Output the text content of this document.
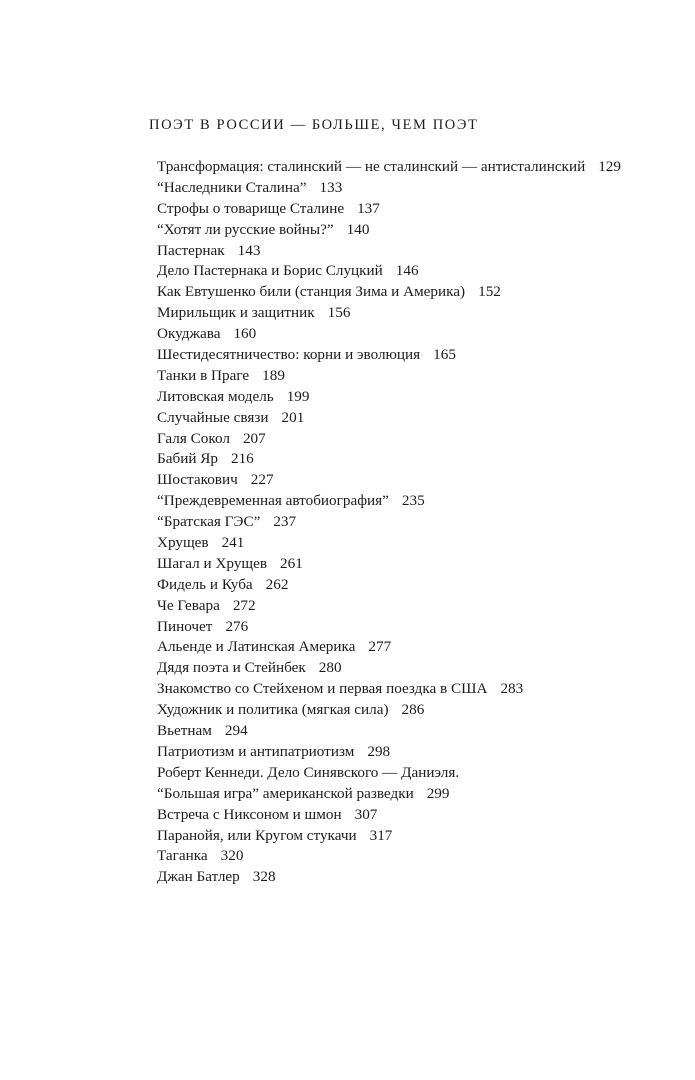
ПОЭТ В РОССИИ — БОЛЬШЕ, ЧЕМ ПОЭТ
Трансформация: сталинский — не сталинский — антисталинский 129
“Наследники Сталина” 133
Строфы о товарище Сталине 137
“Хотят ли русские войны?” 140
Пастернак 143
Дело Пастернака и Борис Слуцкий 146
Как Евтушенко били (станция Зима и Америка) 152
Мирильщик и защитник 156
Окуджава 160
Шестидесятничество: корни и эволюция 165
Танки в Праге 189
Литовская модель 199
Случайные связи 201
Галя Сокол 207
Бабий Яр 216
Шостакович 227
“Преждевременная автобиография” 235
“Братская ГЭС” 237
Хрущев 241
Шагал и Хрущев 261
Фидель и Куба 262
Че Гевара 272
Пиночет 276
Альенде и Латинская Америка 277
Дядя поэта и Стейнбек 280
Знакомство со Стейхеном и первая поездка в США 283
Художник и политика (мягкая сила) 286
Вьетнам 294
Патриотизм и антипатриотизм 298
Роберт Кеннеди. Дело Синявского — Даниэля.
“Большая игра” американской разведки 299
Встреча с Никсоном и шмон 307
Паранойя, или Кругом стукачи 317
Таганка 320
Джан Батлер 328
